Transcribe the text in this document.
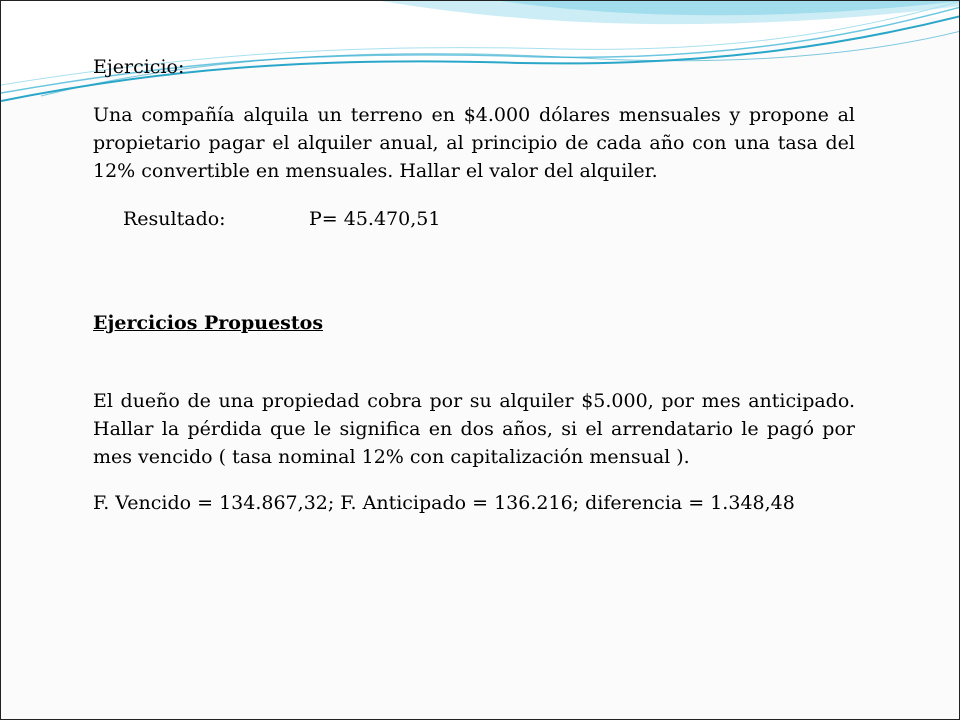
Ejercicio:

Una compañía alquila un terreno en $4.000 dólares mensuales y propone al propietario pagar el alquiler anual, al principio de cada año con una tasa del 12% convertible en mensuales. Hallar el valor del alquiler.

Resultado:	P= 45.470,51

Ejercicios Propuestos

El dueño de una propiedad cobra por su alquiler $5.000, por mes anticipado. Hallar la pérdida que le significa en dos años, si el arrendatario le pagó por mes vencido ( tasa nominal 12% con capitalización mensual ).

F. Vencido = 134.867,32; F. Anticipado = 136.216; diferencia = 1.348,48
